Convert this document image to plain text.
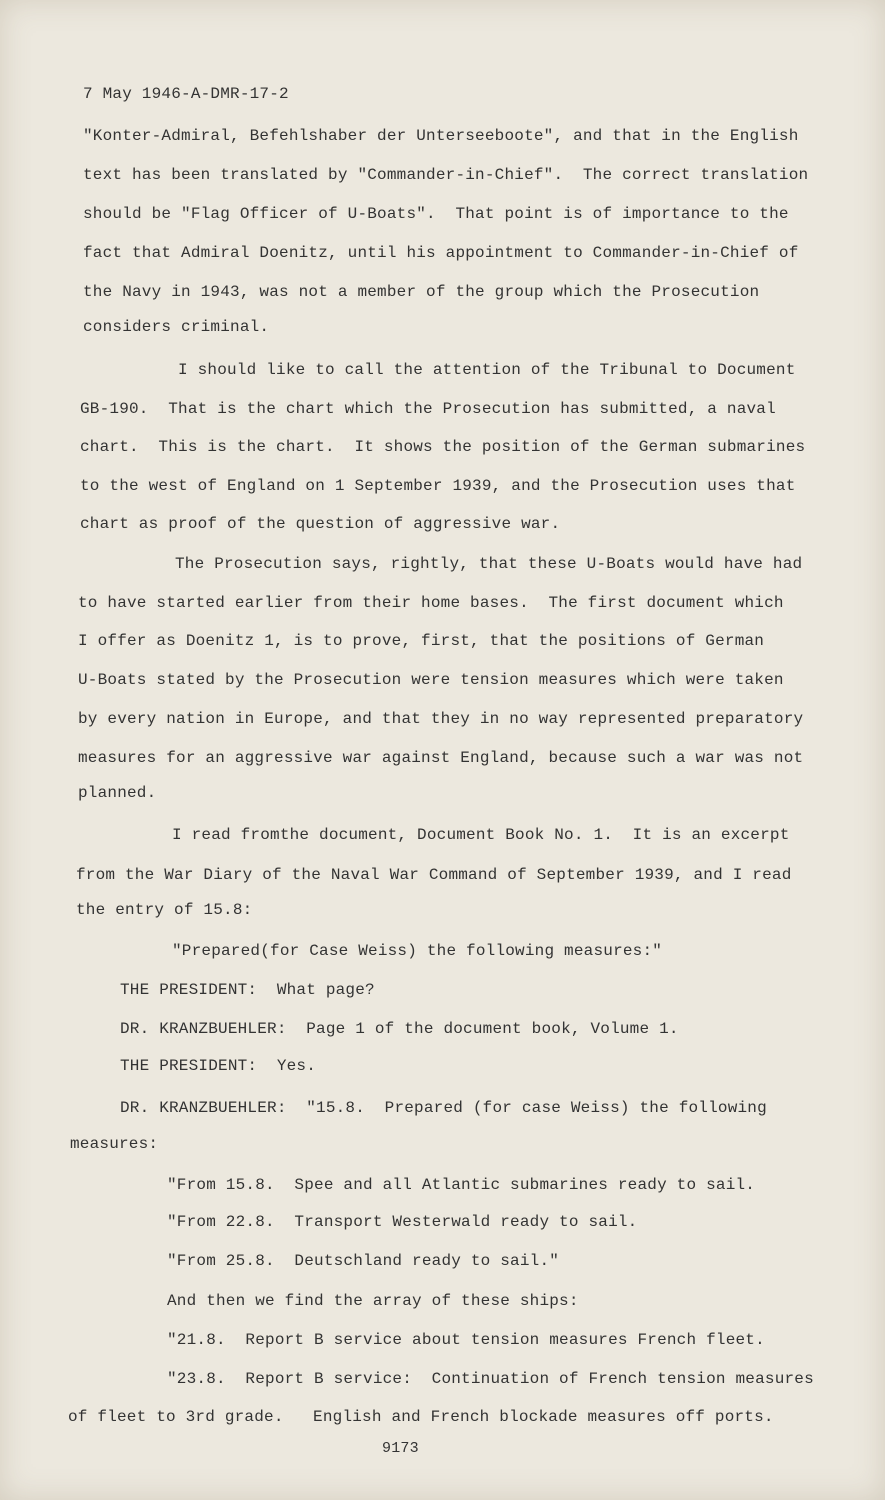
7 May 1946-A-DMR-17-2
"Konter-Admiral, Befehlshaber der Unterseeboote", and that in the English
text has been translated by "Commander-in-Chief".  The correct translation
should be "Flag Officer of U-Boats".  That point is of importance to the
fact that Admiral Doenitz, until his appointment to Commander-in-Chief of
the Navy in 1943, was not a member of the group which the Prosecution
considers criminal.
I should like to call the attention of the Tribunal to Document
GB-190.  That is the chart which the Prosecution has submitted, a naval
chart.  This is the chart.  It shows the position of the German submarines
to the west of England on 1 September 1939, and the Prosecution uses that
chart as proof of the question of aggressive war.
The Prosecution says, rightly, that these U-Boats would have had
to have started earlier from their home bases.  The first document which
I offer as Doenitz 1, is to prove, first, that the positions of German
U-Boats stated by the Prosecution were tension measures which were taken
by every nation in Europe, and that they in no way represented preparatory
measures for an aggressive war against England, because such a war was not
planned.
I read fromthe document, Document Book No. 1.  It is an excerpt
from the War Diary of the Naval War Command of September 1939, and I read
the entry of 15.8:
"Prepared(for Case Weiss) the following measures:"
THE PRESIDENT:  What page?
DR. KRANZBUEHLER:  Page 1 of the document book, Volume 1.
THE PRESIDENT:  Yes.
DR. KRANZBUEHLER:  "15.8.  Prepared (for case Weiss) the following
measures:
"From 15.8.  Spee and all Atlantic submarines ready to sail.
"From 22.8.  Transport Westerwald ready to sail.
"From 25.8.  Deutschland ready to sail."
And then we find the array of these ships:
"21.8.  Report B service about tension measures French fleet.
"23.8.  Report B service:  Continuation of French tension measures
of fleet to 3rd grade.   English and French blockade measures off ports.
9173
